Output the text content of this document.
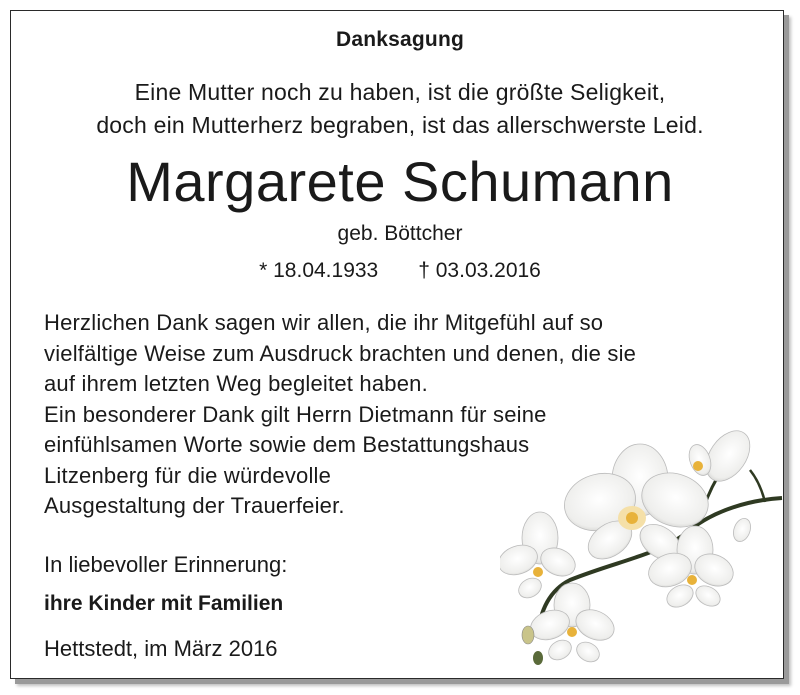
Danksagung
Eine Mutter noch zu haben, ist die größte Seligkeit,
doch ein Mutterherz begraben, ist das allerschwerste Leid.
Margarete Schumann
geb. Böttcher
* 18.04.1933 † 03.03.2016
Herzlichen Dank sagen wir allen, die ihr Mitgefühl auf so
vielfältige Weise zum Ausdruck brachten und denen, die sie
auf ihrem letzten Weg begleitet haben.
Ein besonderer Dank gilt Herrn Dietmann für seine
einfühlsamen Worte sowie dem Bestattungshaus
Litzenberg für die würdevolle
Ausgestaltung der Trauerfeier.
In liebevoller Erinnerung:
ihre Kinder mit Familien
Hettstedt, im März 2016
